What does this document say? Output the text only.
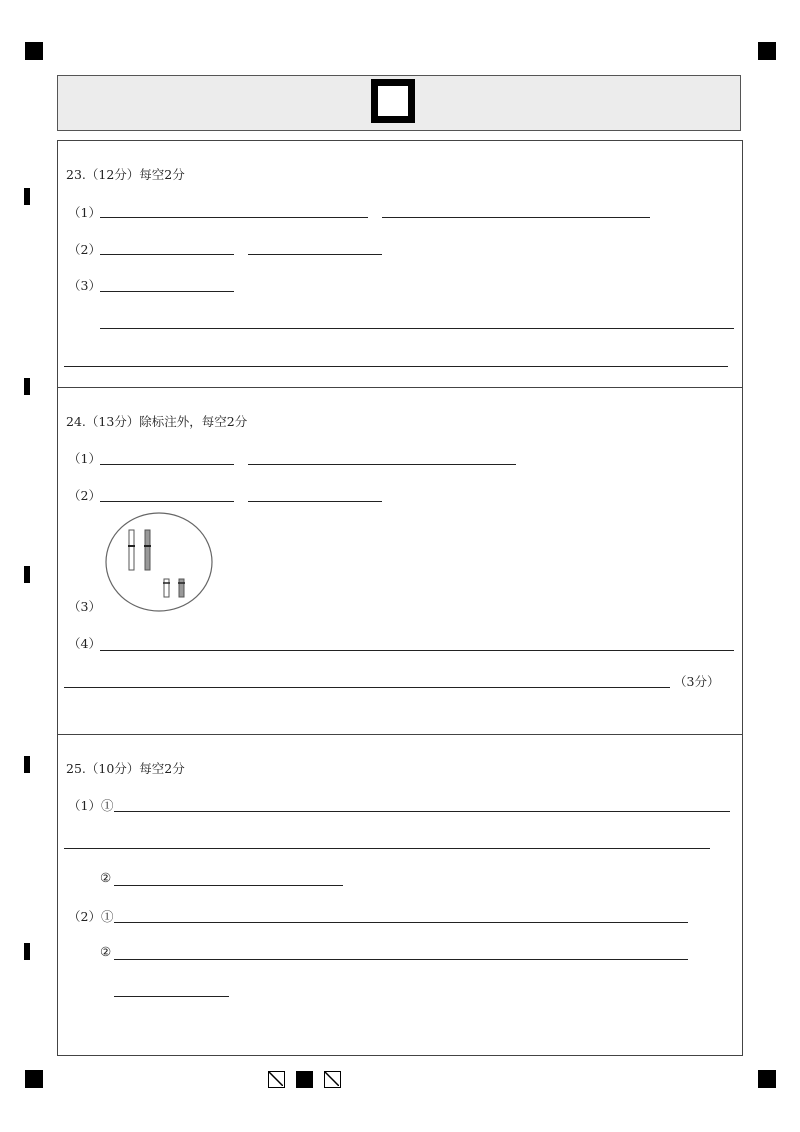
23.（12分）每空2分
（1）
（2）
（3）
24.（13分）除标注外，每空2分
（1）
（2）
（3）
（4）
（3分）
25.（10分）每空2分
（1）①
②
（2）①
②
